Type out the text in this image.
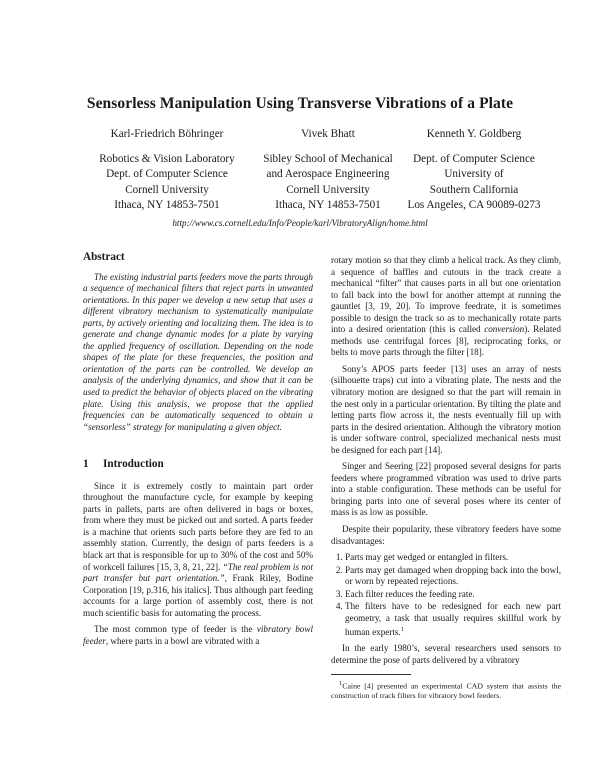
Sensorless Manipulation Using Transverse Vibrations of a Plate
Karl-Friedrich Böhringer	Vivek Bhatt	Kenneth Y. Goldberg
Robotics & Vision Laboratory
Dept. of Computer Science
Cornell University
Ithaca, NY 14853-7501
Sibley School of Mechanical
and Aerospace Engineering
Cornell University
Ithaca, NY 14853-7501
Dept. of Computer Science
University of
Southern California
Los Angeles, CA 90089-0273
http://www.cs.cornell.edu/Info/People/karl/VibratoryAlign/home.html
Abstract

The existing industrial parts feeders move the parts through a sequence of mechanical filters that reject parts in unwanted orientations. In this paper we develop a new setup that uses a different vibratory mechanism to systematically manipulate parts, by actively orienting and localizing them. The idea is to generate and change dynamic modes for a plate by varying the applied frequency of oscillation. Depending on the node shapes of the plate for these frequencies, the position and orientation of the parts can be controlled. We develop an analysis of the underlying dynamics, and show that it can be used to predict the behavior of objects placed on the vibrating plate. Using this analysis, we propose that the applied frequencies can be automatically sequenced to obtain a “sensorless” strategy for manipulating a given object.

1 Introduction

Since it is extremely costly to maintain part order throughout the manufacture cycle, for example by keeping parts in pallets, parts are often delivered in bags or boxes, from where they must be picked out and sorted. A parts feeder is a machine that orients such parts before they are fed to an assembly station. Currently, the design of parts feeders is a black art that is responsible for up to 30% of the cost and 50% of workcell failures [15, 3, 8, 21, 22]. “The real problem is not part transfer but part orientation.”, Frank Riley, Bodine Corporation [19, p.316, his italics]. Thus although part feeding accounts for a large portion of assembly cost, there is not much scientific basis for automating the process.

The most common type of feeder is the vibratory bowl feeder, where parts in a bowl are vibrated with a

rotary motion so that they climb a helical track. As they climb, a sequence of baffles and cutouts in the track create a mechanical “filter” that causes parts in all but one orientation to fall back into the bowl for another attempt at running the gauntlet [3, 19, 20]. To improve feedrate, it is sometimes possible to design the track so as to mechanically rotate parts into a desired orientation (this is called conversion). Related methods use centrifugal forces [8], reciprocating forks, or belts to move parts through the filter [18].

Sony’s APOS parts feeder [13] uses an array of nests (silhouette traps) cut into a vibrating plate. The nests and the vibratory motion are designed so that the part will remain in the nest only in a particular orientation. By tilting the plate and letting parts flow across it, the nests eventually fill up with parts in the desired orientation. Although the vibratory motion is under software control, specialized mechanical nests must be designed for each part [14].

Singer and Seering [22] proposed several designs for parts feeders where programmed vibration was used to drive parts into a stable configuration. These methods can be useful for bringing parts into one of several poses where its center of mass is as low as possible.

Despite their popularity, these vibratory feeders have some disadvantages:

1. Parts may get wedged or entangled in filters.
2. Parts may get damaged when dropping back into the bowl, or worn by repeated rejections.
3. Each filter reduces the feeding rate.
4. The filters have to be redesigned for each new part geometry, a task that usually requires skillful work by human experts.$^1$

In the early 1980’s, several researchers used sensors to determine the pose of parts delivered by a vibratory

$^1$Caine [4] presented an experimental CAD system that assists the construction of track filters for vibratory bowl feeders.
